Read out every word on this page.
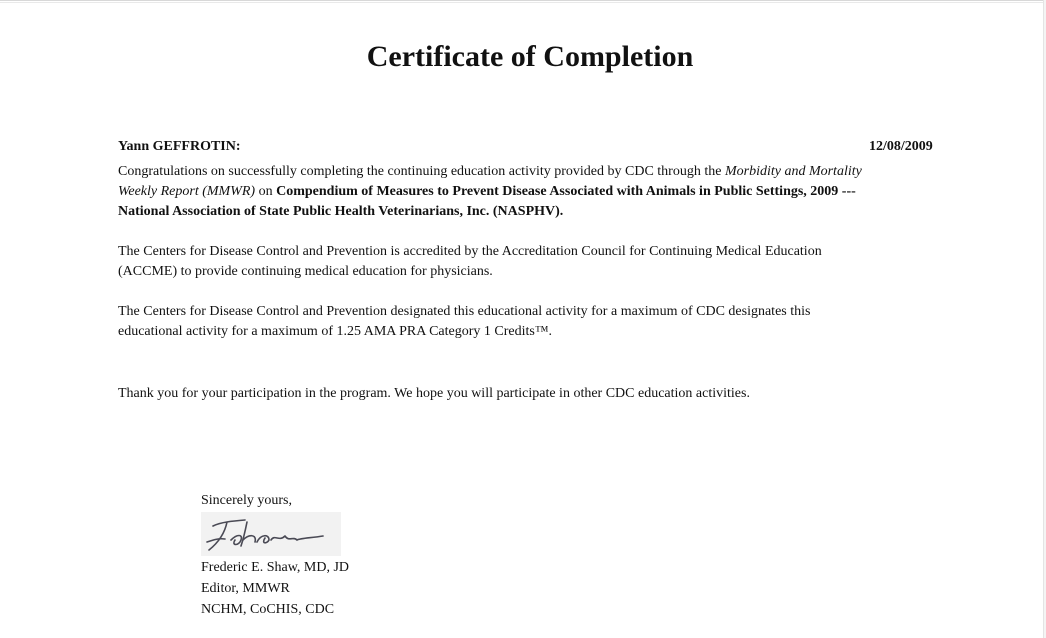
Certificate of Completion
Yann GEFFROTIN:	12/08/2009

Congratulations on successfully completing the continuing education activity provided by CDC through the Morbidity and Mortality Weekly Report (MMWR) on Compendium of Measures to Prevent Disease Associated with Animals in Public Settings, 2009 --- National Association of State Public Health Veterinarians, Inc. (NASPHV).

The Centers for Disease Control and Prevention is accredited by the Accreditation Council for Continuing Medical Education (ACCME) to provide continuing medical education for physicians.

The Centers for Disease Control and Prevention designated this educational activity for a maximum of CDC designates this educational activity for a maximum of 1.25 AMA PRA Category 1 Credits™.

Thank you for your participation in the program. We hope you will participate in other CDC education activities.

Sincerely yours,
Frederic E. Shaw, MD, JD
Editor, MMWR
NCHM, CoCHIS, CDC
